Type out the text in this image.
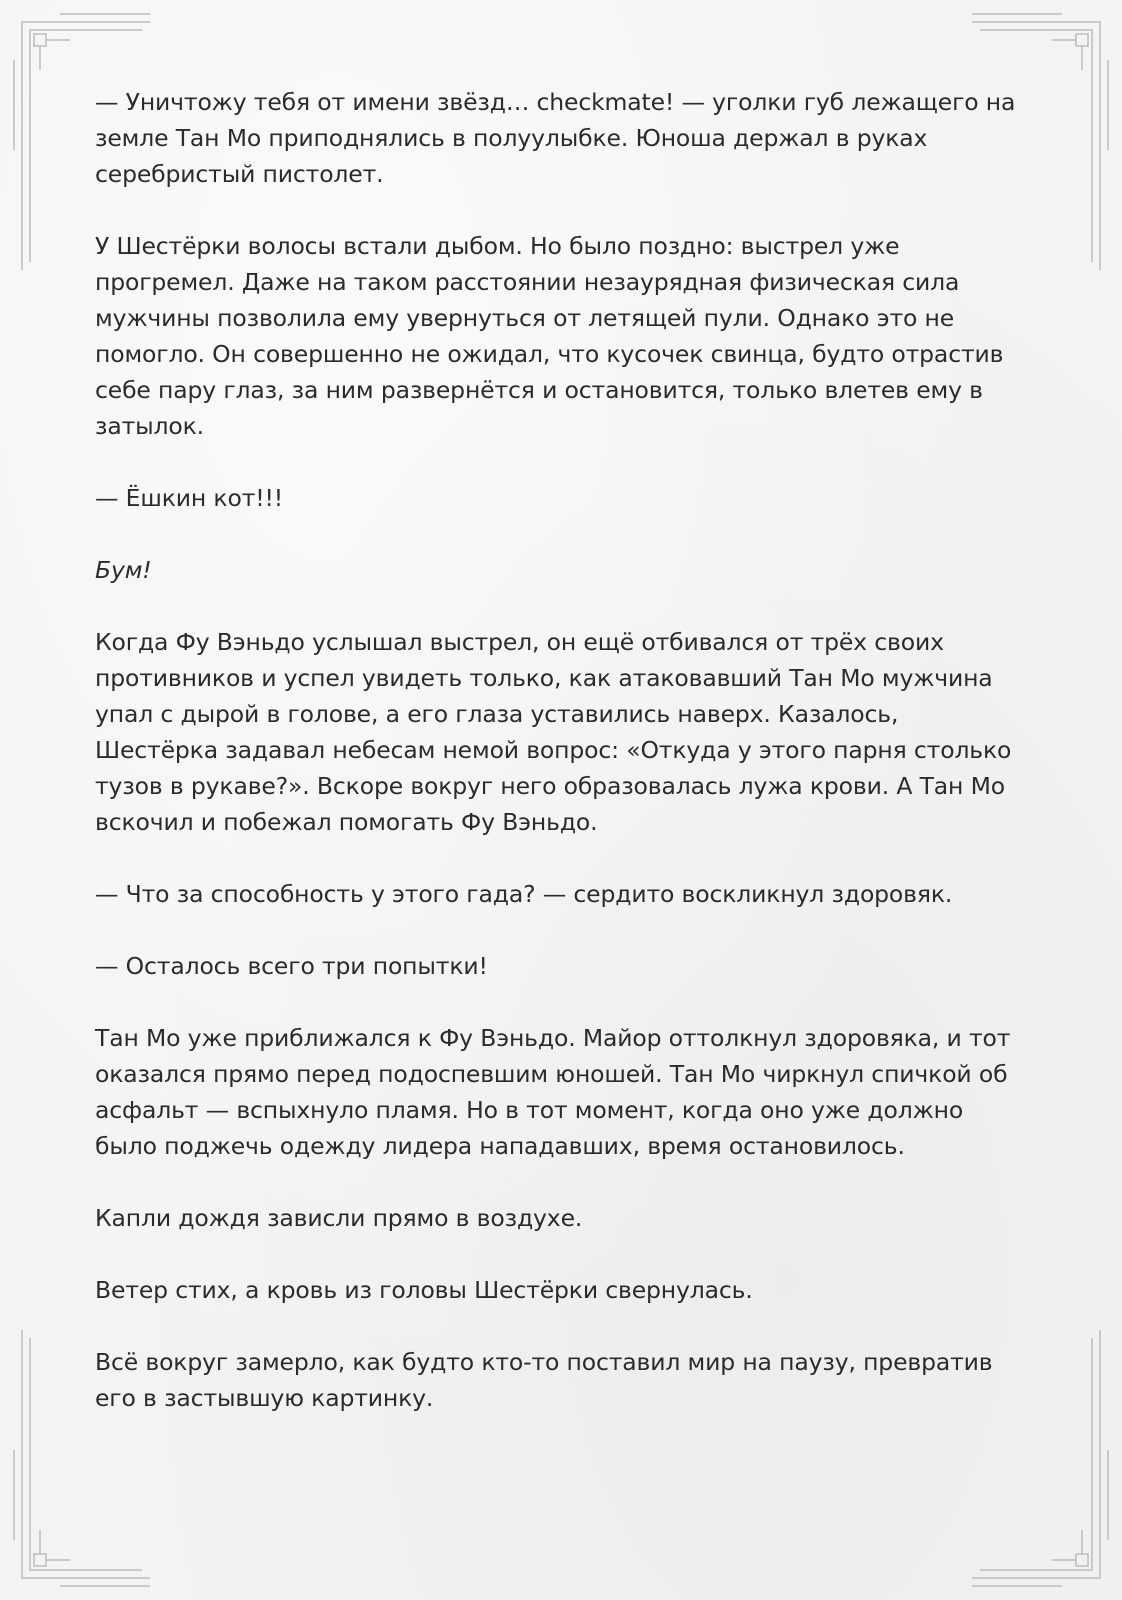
— Уничтожу тебя от имени звёзд… checkmate! — уголки губ лежащего на земле Тан Мо приподнялись в полуулыбке. Юноша держал в руках серебристый пистолет.

У Шестёрки волосы встали дыбом. Но было поздно: выстрел уже прогремел. Даже на таком расстоянии незаурядная физическая сила мужчины позволила ему увернуться от летящей пули. Однако это не помогло. Он совершенно не ожидал, что кусочек свинца, будто отрастив себе пару глаз, за ним развернётся и остановится, только влетев ему в затылок.

— Ёшкин кот!!!

Бум!

Когда Фу Вэньдо услышал выстрел, он ещё отбивался от трёх своих противников и успел увидеть только, как атаковавший Тан Мо мужчина упал с дырой в голове, а его глаза уставились наверх. Казалось, Шестёрка задавал небесам немой вопрос: «Откуда у этого парня столько тузов в рукаве?». Вскоре вокруг него образовалась лужа крови. А Тан Мо вскочил и побежал помогать Фу Вэньдо.

— Что за способность у этого гада? — сердито воскликнул здоровяк.

— Осталось всего три попытки!

Тан Мо уже приближался к Фу Вэньдо. Майор оттолкнул здоровяка, и тот оказался прямо перед подоспевшим юношей. Тан Мо чиркнул спичкой об асфальт — вспыхнуло пламя. Но в тот момент, когда оно уже должно было поджечь одежду лидера нападавших, время остановилось.

Капли дождя зависли прямо в воздухе.

Ветер стих, а кровь из головы Шестёрки свернулась.

Всё вокруг замерло, как будто кто-то поставил мир на паузу, превратив его в застывшую картинку.
